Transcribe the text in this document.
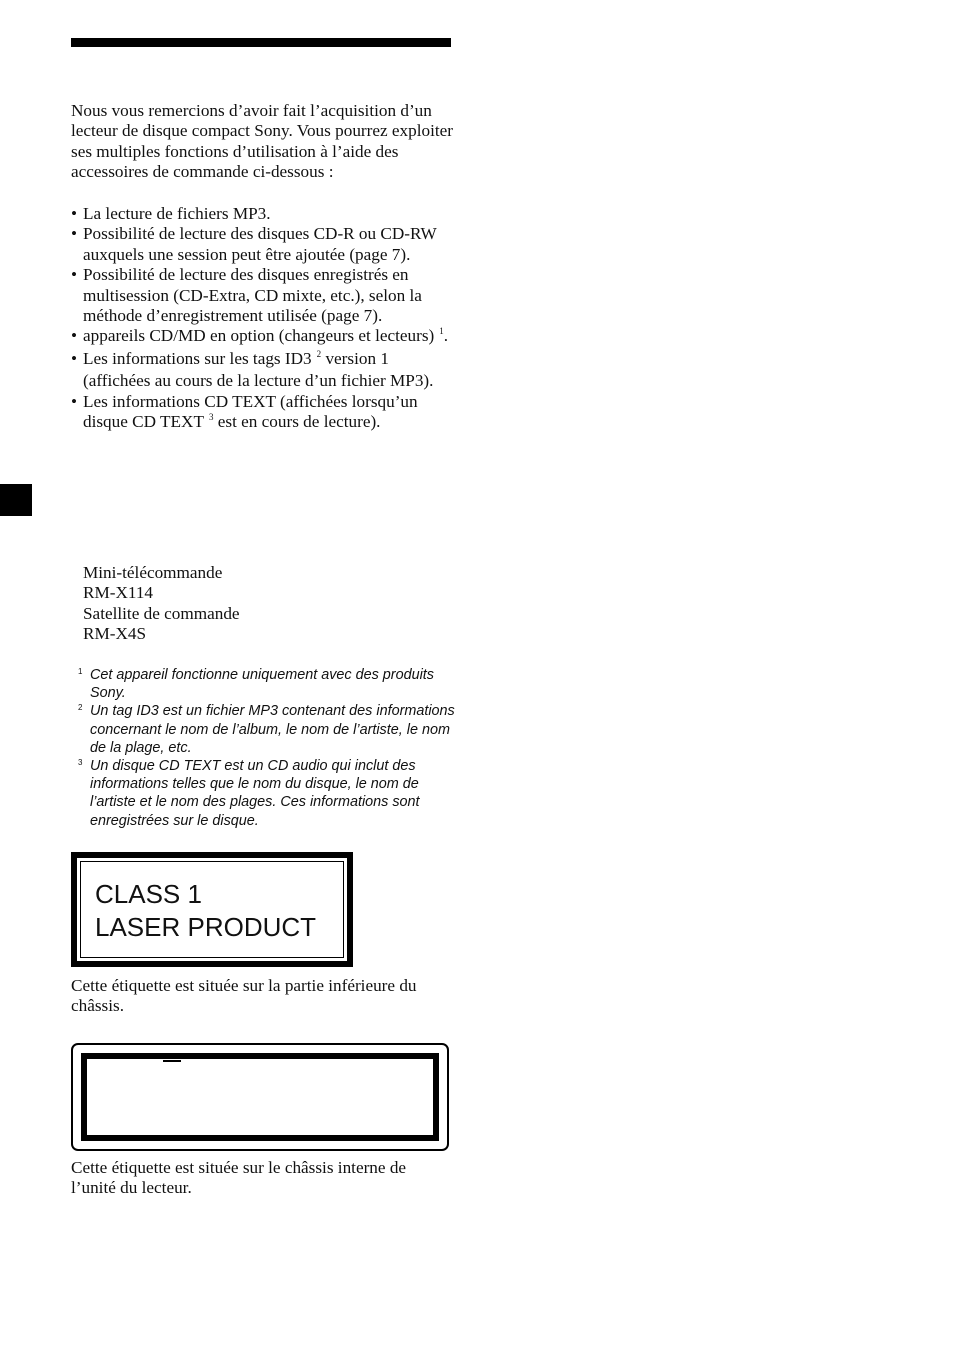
Nous vous remercions d’avoir fait l’acquisition d’un lecteur de disque compact Sony. Vous pourrez exploiter ses multiples fonctions d’utilisation à l’aide des accessoires de commande ci-dessous :

• La lecture de fichiers MP3.
• Possibilité de lecture des disques CD-R ou CD-RW auxquels une session peut être ajoutée (page 7).
• Possibilité de lecture des disques enregistrés en multisession (CD-Extra, CD mixte, etc.), selon la méthode d’enregistrement utilisée (page 7).
• appareils CD/MD en option (changeurs et lecteurs) $^1$.
• Les informations sur les tags ID3 $^2$ version 1 (affichées au cours de la lecture d’un fichier MP3).
• Les informations CD TEXT (affichées lorsqu’un disque CD TEXT $^3$ est en cours de lecture).
Mini-télécommande
RM-X114
Satellite de commande
RM-X4S
1 Cet appareil fonctionne uniquement avec des produits Sony.
2 Un tag ID3 est un fichier MP3 contenant des informations concernant le nom de l’album, le nom de l’artiste, le nom de la plage, etc.
3 Un disque CD TEXT est un CD audio qui inclut des informations telles que le nom du disque, le nom de l’artiste et le nom des plages. Ces informations sont enregistrées sur le disque.
CLASS 1
LASER PRODUCT
Cette étiquette est située sur la partie inférieure du châssis.
Cette étiquette est située sur le châssis interne de l’unité du lecteur.
